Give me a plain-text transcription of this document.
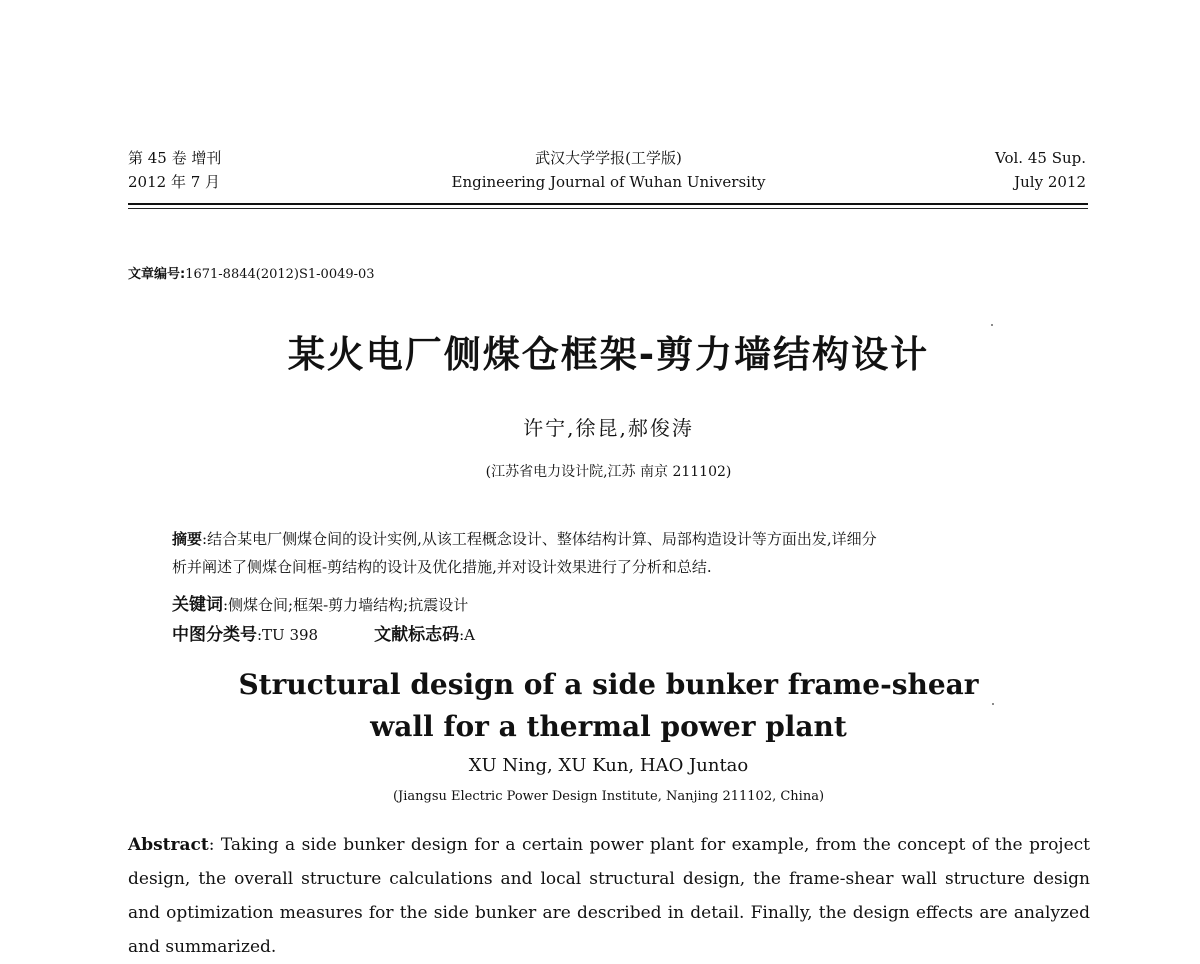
第 45 卷 增刊
2012 年 7 月
武汉大学学报(工学版)
Engineering Journal of Wuhan University
Vol. 45 Sup.
July 2012
文章编号:1671-8844(2012)S1-0049-03
某火电厂侧煤仓框架-剪力墙结构设计
许宁,徐昆,郝俊涛
(江苏省电力设计院,江苏 南京 211102)
摘要:结合某电厂侧煤仓间的设计实例,从该工程概念设计、整体结构计算、局部构造设计等方面出发,详细分
析并阐述了侧煤仓间框-剪结构的设计及优化措施,并对设计效果进行了分析和总结.
关键词:侧煤仓间;框架-剪力墙结构;抗震设计
中图分类号:TU 398	文献标志码:A
Structural design of a side bunker frame-shear
wall for a thermal power plant
XU Ning, XU Kun, HAO Juntao
(Jiangsu Electric Power Design Institute, Nanjing 211102, China)
Abstract: Taking a side bunker design for a certain power plant for example, from the concept of the project design, the overall structure calculations and local structural design, the frame-shear wall structure design and optimization measures for the side bunker are described in detail. Finally, the design effects are analyzed and summarized.
